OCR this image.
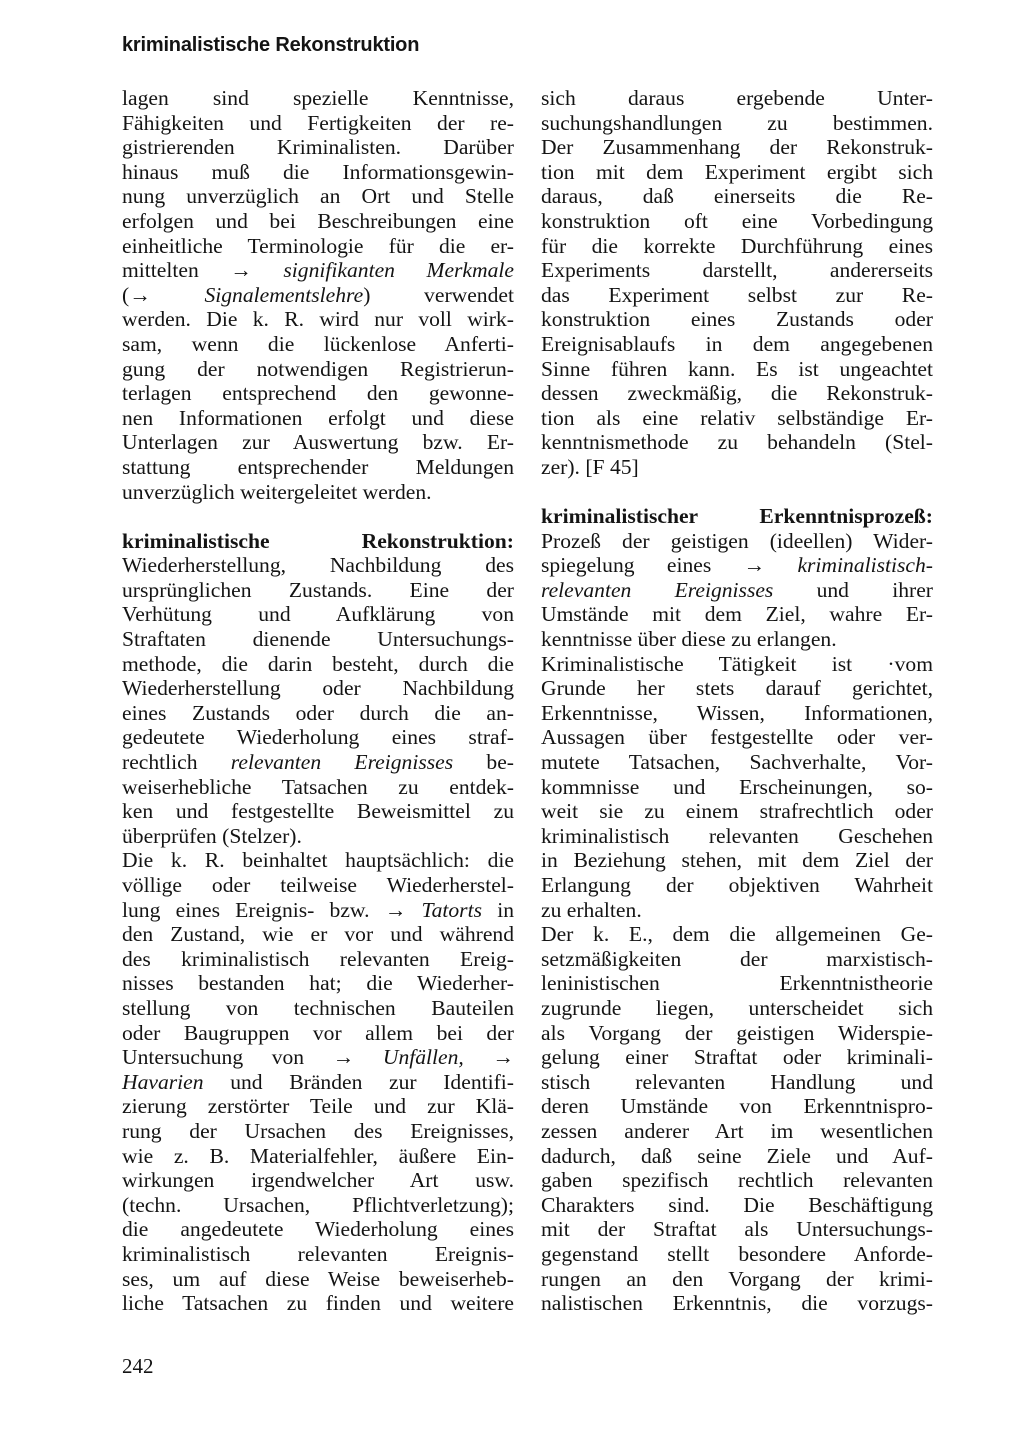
kriminalistische Rekonstruktion
lagen sind spezielle Kenntnisse,
Fähigkeiten und Fertigkeiten der re-
gistrierenden Kriminalisten. Darüber
hinaus muß die Informationsgewin-
nung unverzüglich an Ort und Stelle
erfolgen und bei Beschreibungen eine
einheitliche Terminologie für die er-
mittelten → signifikanten Merkmale
(→ Signalementslehre) verwendet
werden. Die k. R. wird nur voll wirk-
sam, wenn die lückenlose Anferti-
gung der notwendigen Registrierun-
terlagen entsprechend den gewonne-
nen Informationen erfolgt und diese
Unterlagen zur Auswertung bzw. Er-
stattung entsprechender Meldungen
unverzüglich weitergeleitet werden.
kriminalistische Rekonstruktion:
Wiederherstellung, Nachbildung des
ursprünglichen Zustands. Eine der
Verhütung und Aufklärung von
Straftaten dienende Untersuchungs-
methode, die darin besteht, durch die
Wiederherstellung oder Nachbildung
eines Zustands oder durch die an-
gedeutete Wiederholung eines straf-
rechtlich relevanten Ereignisses be-
weiserhebliche Tatsachen zu entdek-
ken und festgestellte Beweismittel zu
überprüfen (Stelzer).
Die k. R. beinhaltet hauptsächlich: die
völlige oder teilweise Wiederherstel-
lung eines Ereignis- bzw. → Tatorts in
den Zustand, wie er vor und während
des kriminalistisch relevanten Ereig-
nisses bestanden hat; die Wiederher-
stellung von technischen Bauteilen
oder Baugruppen vor allem bei der
Untersuchung von → Unfällen, →
Havarien und Bränden zur Identifi-
zierung zerstörter Teile und zur Klä-
rung der Ursachen des Ereignisses,
wie z. B. Materialfehler, äußere Ein-
wirkungen irgendwelcher Art usw.
(techn. Ursachen, Pflichtverletzung);
die angedeutete Wiederholung eines
kriminalistisch relevanten Ereignis-
ses, um auf diese Weise beweiserheb-
liche Tatsachen zu finden und weitere
sich daraus ergebende Unter-
suchungshandlungen zu bestimmen.
Der Zusammenhang der Rekonstruk-
tion mit dem Experiment ergibt sich
daraus, daß einerseits die Re-
konstruktion oft eine Vorbedingung
für die korrekte Durchführung eines
Experiments darstellt, andererseits
das Experiment selbst zur Re-
konstruktion eines Zustands oder
Ereignisablaufs in dem angegebenen
Sinne führen kann. Es ist ungeachtet
dessen zweckmäßig, die Rekonstruk-
tion als eine relativ selbständige Er-
kenntnismethode zu behandeln (Stel-
zer). [F 45]
kriminalistischer Erkenntnisprozeß:
Prozeß der geistigen (ideellen) Wider-
spiegelung eines → kriminalistisch-
relevanten Ereignisses und ihrer
Umstände mit dem Ziel, wahre Er-
kenntnisse über diese zu erlangen.
Kriminalistische Tätigkeit ist ·vom
Grunde her stets darauf gerichtet,
Erkenntnisse, Wissen, Informationen,
Aussagen über festgestellte oder ver-
mutete Tatsachen, Sachverhalte, Vor-
kommnisse und Erscheinungen, so-
weit sie zu einem strafrechtlich oder
kriminalistisch relevanten Geschehen
in Beziehung stehen, mit dem Ziel der
Erlangung der objektiven Wahrheit
zu erhalten.
Der k. E., dem die allgemeinen Ge-
setzmäßigkeiten der marxistisch-
leninistischen Erkenntnistheorie
zugrunde liegen, unterscheidet sich
als Vorgang der geistigen Widerspie-
gelung einer Straftat oder kriminali-
stisch relevanten Handlung und
deren Umstände von Erkenntnispro-
zessen anderer Art im wesentlichen
dadurch, daß seine Ziele und Auf-
gaben spezifisch rechtlich relevanten
Charakters sind. Die Beschäftigung
mit der Straftat als Untersuchungs-
gegenstand stellt besondere Anforde-
rungen an den Vorgang der krimi-
nalistischen Erkenntnis, die vorzugs-
242
